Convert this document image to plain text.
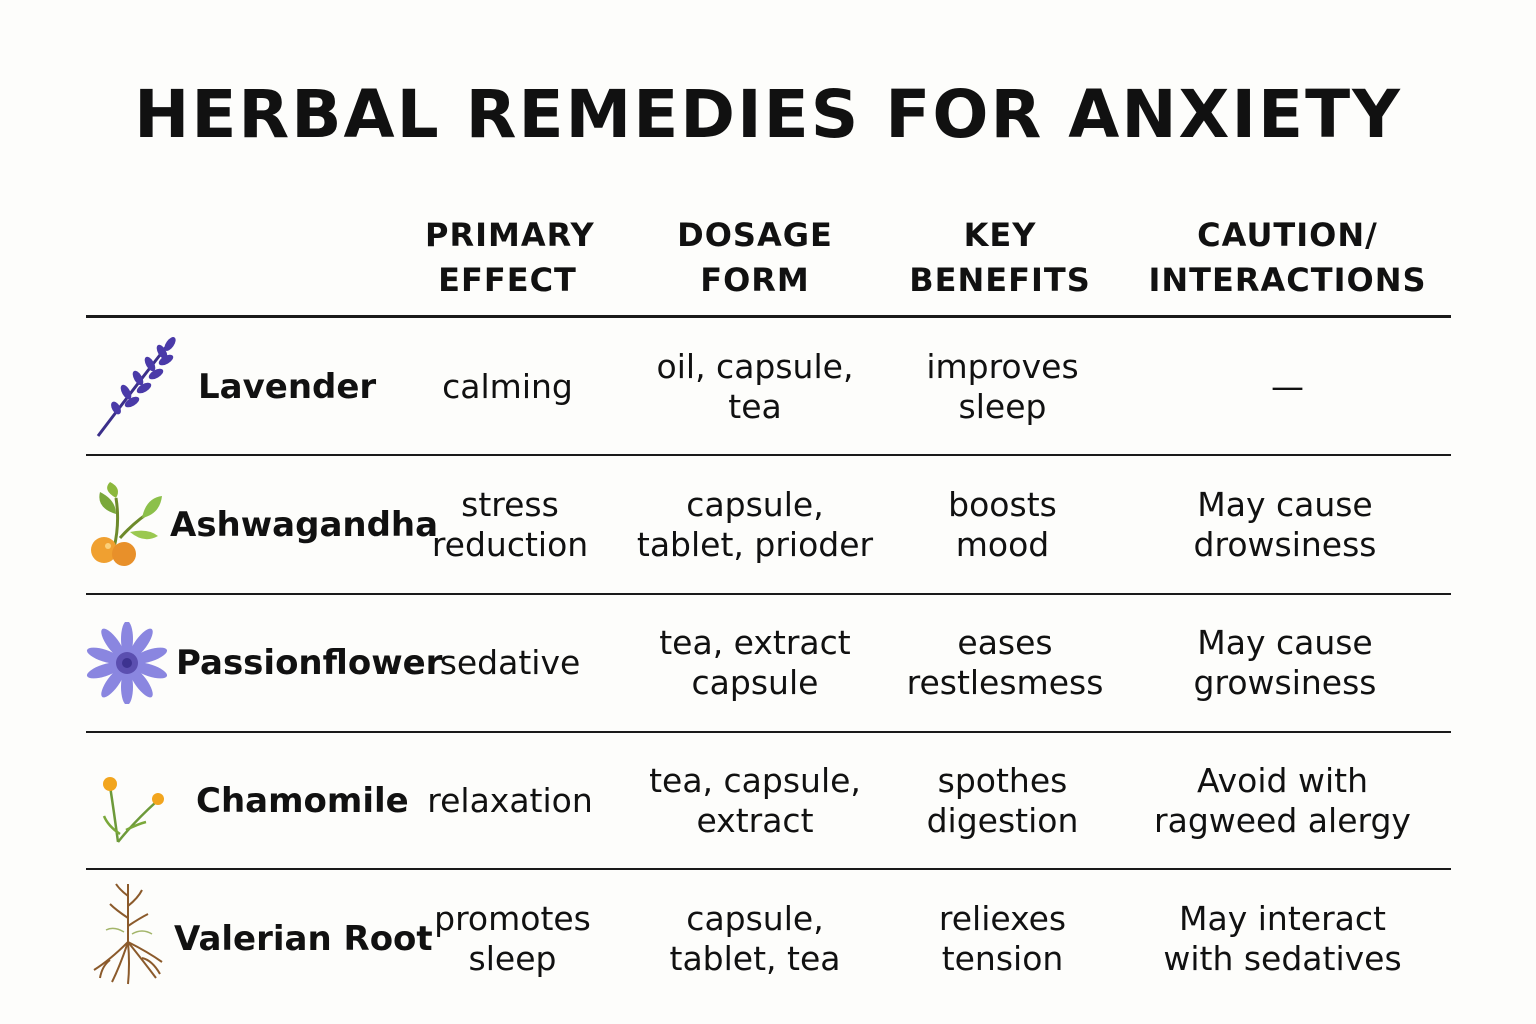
HERBAL REMEDIES FOR ANXIETY
PRIMARY
EFFECT
DOSAGE
FORM
KEY
BENEFITS
CAUTION/
INTERACTIONS
Lavender calming
oil, capsule,
tea
improves
sleep
—
Ashwagandha
stress
reduction
capsule,
tablet, prioder
boosts
mood
May cause
drowsiness
Passionflower
sedative
tea, extract
capsule
eases
restlesmess
May cause
growsiness
Chamomile relaxation
tea, capsule,
extract
spothes
digestion
Avoid with
ragweed alergy
Valerian Root
promotes
sleep
capsule,
tablet, tea
reliexes
tension
May interact
with sedatives
